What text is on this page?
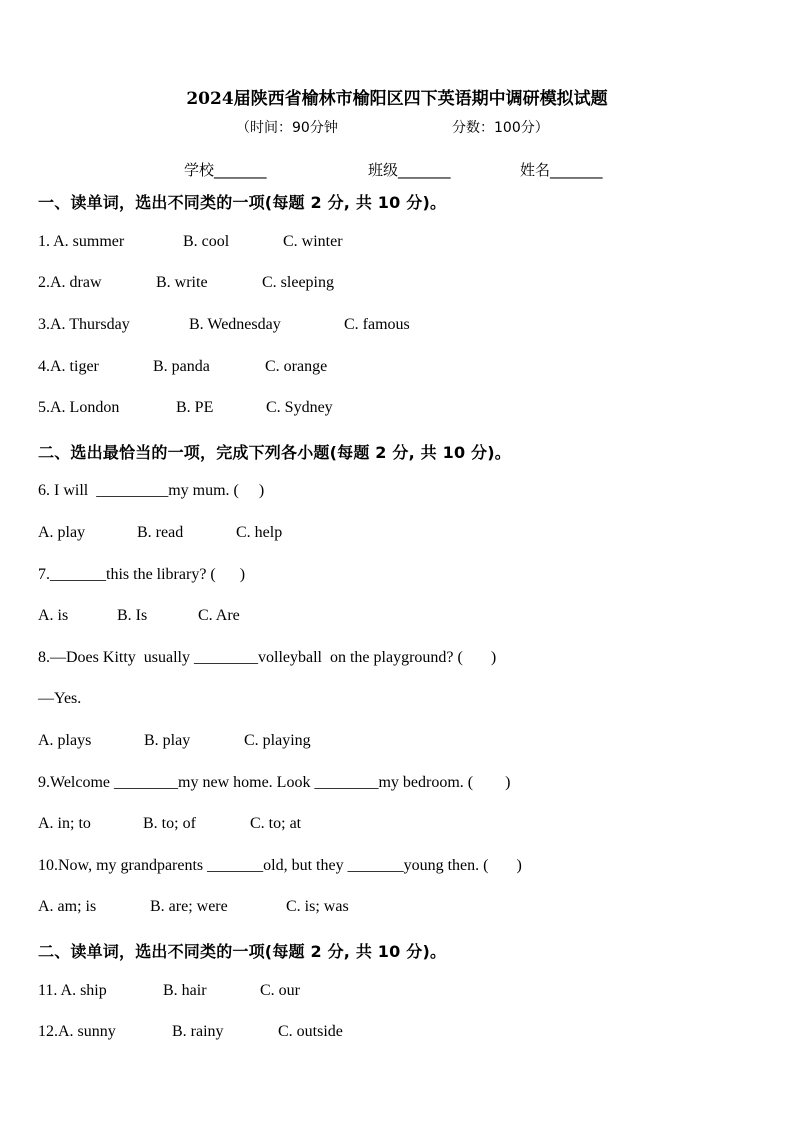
2024届陕西省榆林市榆阳区四下英语期中调研模拟试题
（时间：90分钟	分数：100分）
学校_______	班级_______	姓名_______
一、读单词，选出不同类的一项(每题 2 分, 共 10 分)。
1. A. summer	B. cool	C. winter
2.A. draw	B. write	C. sleeping
3.A. Thursday	B. Wednesday	C. famous
4.A. tiger	B. panda	C. orange
5.A. London	B. PE	C. Sydney
二、选出最恰当的一项，完成下列各小题(每题 2 分, 共 10 分)。
6. I will  _________my mum. (     )
A. play	B. read	C. help
7._______this the library? (      )
A. is	B. Is	C. Are
8.—Does Kitty  usually ________volleyball  on the playground? (       )
—Yes.
A. plays	B. play	C. playing
9.Welcome ________my new home. Look ________my bedroom. (        )
A. in; to	B. to; of	C. to; at
10.Now, my grandparents _______old, but they _______young then. (       )
A. am; is	B. are; were	C. is; was
二、读单词，选出不同类的一项(每题 2 分, 共 10 分)。
11. A. ship	B. hair	C. our
12.A. sunny	B. rainy	C. outside
